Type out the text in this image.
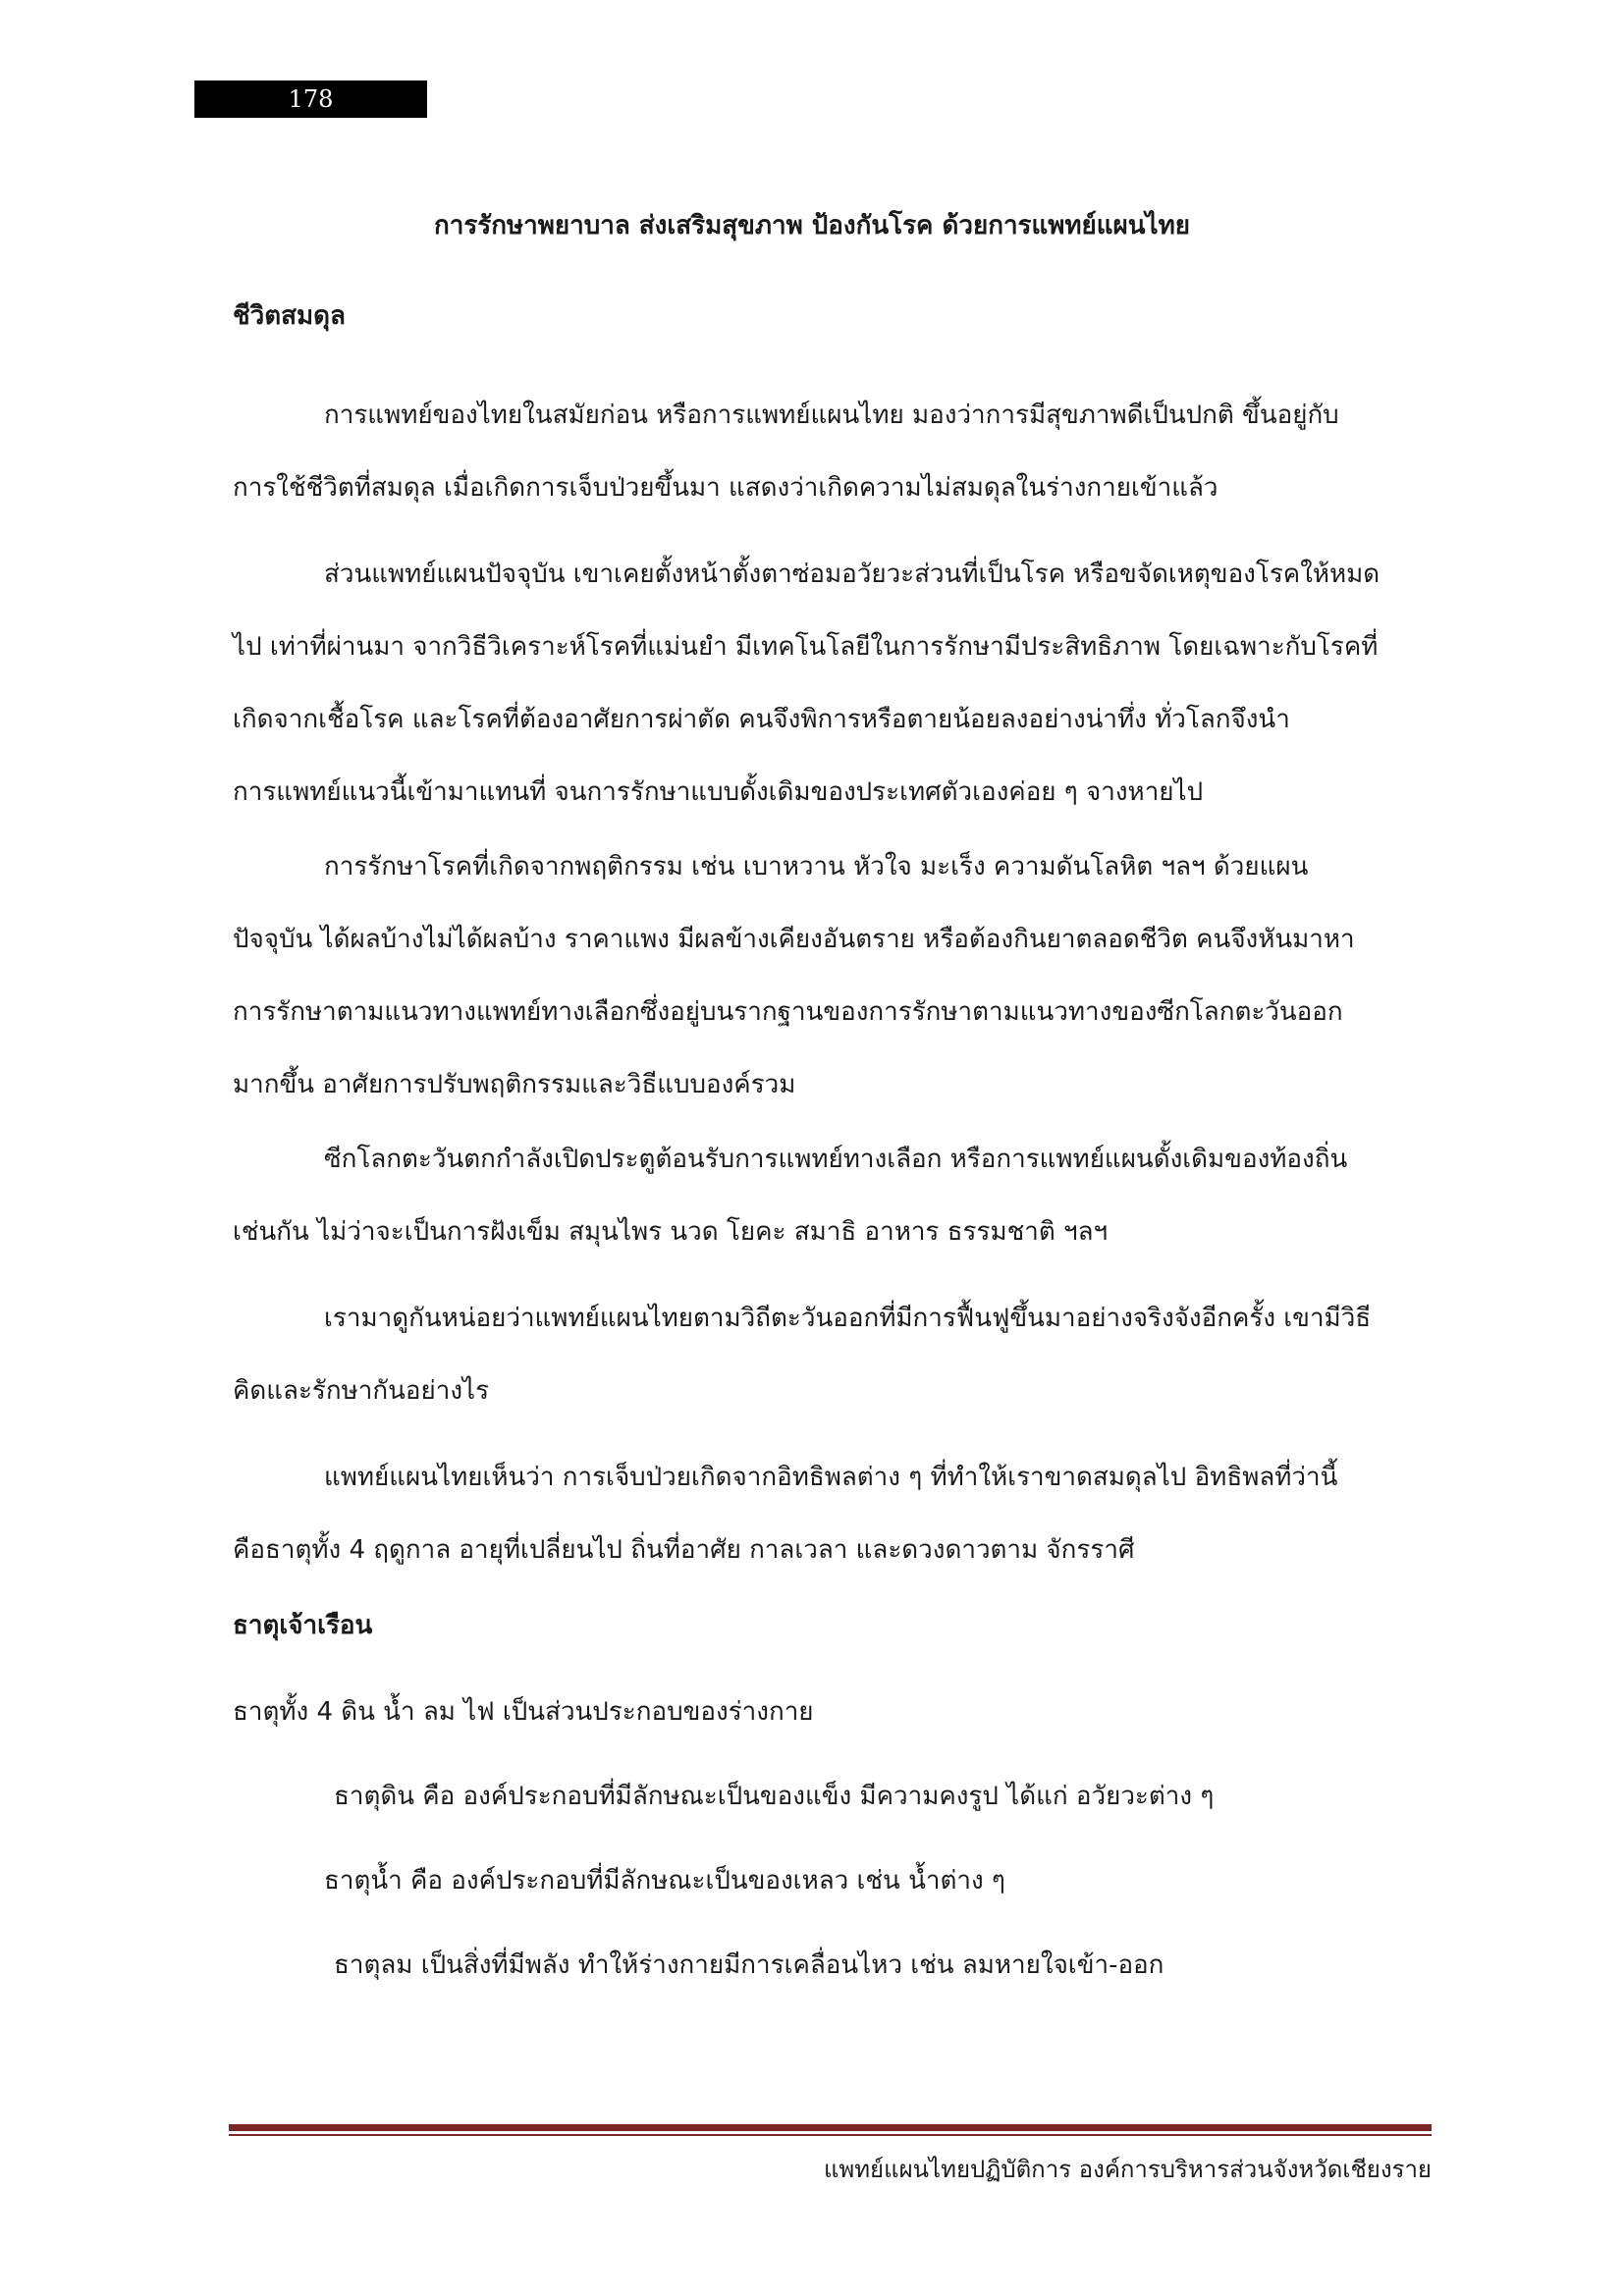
178
การรักษาพยาบาล ส่งเสริมสุขภาพ ป้องกันโรค ด้วยการแพทย์แผนไทย
ชีวิตสมดุล
การแพทย์ของไทยในสมัยก่อน หรือการแพทย์แผนไทย มองว่าการมีสุขภาพดีเป็นปกติ ขึ้นอยู่กับ
การใช้ชีวิตที่สมดุล เมื่อเกิดการเจ็บป่วยขึ้นมา แสดงว่าเกิดความไม่สมดุลในร่างกายเข้าแล้ว
ส่วนแพทย์แผนปัจจุบัน เขาเคยตั้งหน้าตั้งตาซ่อมอวัยวะส่วนที่เป็นโรค หรือขจัดเหตุของโรคให้หมด
ไป เท่าที่ผ่านมา จากวิธีวิเคราะห์โรคที่แม่นยำ มีเทคโนโลยีในการรักษามีประสิทธิภาพ โดยเฉพาะกับโรคที่
เกิดจากเชื้อโรค และโรคที่ต้องอาศัยการผ่าตัด คนจึงพิการหรือตายน้อยลงอย่างน่าทึ่ง ทั่วโลกจึงนำ
การแพทย์แนวนี้เข้ามาแทนที่ จนการรักษาแบบดั้งเดิมของประเทศตัวเองค่อย ๆ จางหายไป
การรักษาโรคที่เกิดจากพฤติกรรม เช่น เบาหวาน หัวใจ มะเร็ง ความดันโลหิต ฯลฯ ด้วยแผน
ปัจจุบัน ได้ผลบ้างไม่ได้ผลบ้าง ราคาแพง มีผลข้างเคียงอันตราย หรือต้องกินยาตลอดชีวิต คนจึงหันมาหา
การรักษาตามแนวทางแพทย์ทางเลือกซึ่งอยู่บนรากฐานของการรักษาตามแนวทางของซีกโลกตะวันออก
มากขึ้น อาศัยการปรับพฤติกรรมและวิธีแบบองค์รวม
ซีกโลกตะวันตกกำลังเปิดประตูต้อนรับการแพทย์ทางเลือก หรือการแพทย์แผนดั้งเดิมของท้องถิ่น
เช่นกัน ไม่ว่าจะเป็นการฝังเข็ม สมุนไพร นวด โยคะ สมาธิ อาหาร ธรรมชาติ ฯลฯ
เรามาดูกันหน่อยว่าแพทย์แผนไทยตามวิถีตะวันออกที่มีการฟื้นฟูขึ้นมาอย่างจริงจังอีกครั้ง เขามีวิธี
คิดและรักษากันอย่างไร
แพทย์แผนไทยเห็นว่า การเจ็บป่วยเกิดจากอิทธิพลต่าง ๆ ที่ทำให้เราขาดสมดุลไป อิทธิพลที่ว่านี้
คือธาตุทั้ง 4 ฤดูกาล อายุที่เปลี่ยนไป ถิ่นที่อาศัย กาลเวลา และดวงดาวตาม จักรราศี
ธาตุเจ้าเรือน
ธาตุทั้ง 4 ดิน น้ำ ลม ไฟ เป็นส่วนประกอบของร่างกาย
ธาตุดิน คือ องค์ประกอบที่มีลักษณะเป็นของแข็ง มีความคงรูป ได้แก่ อวัยวะต่าง ๆ
ธาตุน้ำ คือ องค์ประกอบที่มีลักษณะเป็นของเหลว เช่น น้ำต่าง ๆ
ธาตุลม เป็นสิ่งที่มีพลัง ทำให้ร่างกายมีการเคลื่อนไหว เช่น ลมหายใจเข้า-ออก
แพทย์แผนไทยปฏิบัติการ องค์การบริหารส่วนจังหวัดเชียงราย
